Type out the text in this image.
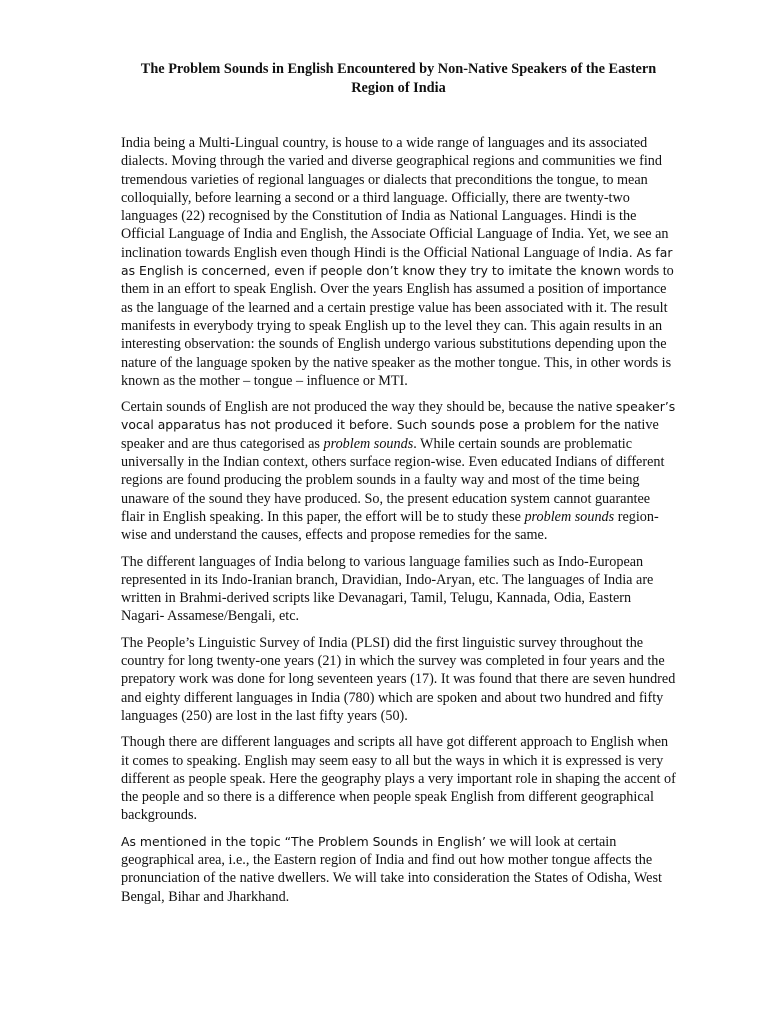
The Problem Sounds in English Encountered by Non-Native Speakers of the Eastern Region of India

India being a Multi-Lingual country, is house to a wide range of languages and its associated dialects. Moving through the varied and diverse geographical regions and communities we find tremendous varieties of regional languages or dialects that preconditions the tongue, to mean colloquially, before learning a second or a third language. Officially, there are twenty-two languages (22) recognised by the Constitution of India as National Languages. Hindi is the Official Language of India and English, the Associate Official Language of India. Yet, we see an inclination towards English even though Hindi is the Official National Language of India. As far as English is concerned, even if people don’t know they try to imitate the known words to them in an effort to speak English. Over the years English has assumed a position of importance as the language of the learned and a certain prestige value has been associated with it. The result manifests in everybody trying to speak English up to the level they can. This again results in an interesting observation: the sounds of English undergo various substitutions depending upon the nature of the language spoken by the native speaker as the mother tongue. This, in other words is known as the mother – tongue – influence or MTI.

Certain sounds of English are not produced the way they should be, because the native speaker’s vocal apparatus has not produced it before. Such sounds pose a problem for the native speaker and are thus categorised as problem sounds. While certain sounds are problematic universally in the Indian context, others surface region-wise. Even educated Indians of different regions are found producing the problem sounds in a faulty way and most of the time being unaware of the sound they have produced. So, the present education system cannot guarantee flair in English speaking. In this paper, the effort will be to study these problem sounds region-wise and understand the causes, effects and propose remedies for the same.

The different languages of India belong to various language families such as Indo-European represented in its Indo-Iranian branch, Dravidian, Indo-Aryan, etc. The languages of India are written in Brahmi-derived scripts like Devanagari, Tamil, Telugu, Kannada, Odia, Eastern Nagari- Assamese/Bengali, etc.

The People’s Linguistic Survey of India (PLSI) did the first linguistic survey throughout the country for long twenty-one years (21) in which the survey was completed in four years and the prepatory work was done for long seventeen years (17). It was found that there are seven hundred and eighty different languages in India (780) which are spoken and about two hundred and fifty languages (250) are lost in the last fifty years (50).

Though there are different languages and scripts all have got different approach to English when it comes to speaking. English may seem easy to all but the ways in which it is expressed is very different as people speak. Here the geography plays a very important role in shaping the accent of the people and so there is a difference when people speak English from different geographical backgrounds.

As mentioned in the topic “The Problem Sounds in English’ we will look at certain geographical area, i.e., the Eastern region of India and find out how mother tongue affects the pronunciation of the native dwellers. We will take into consideration the States of Odisha, West Bengal, Bihar and Jharkhand.
